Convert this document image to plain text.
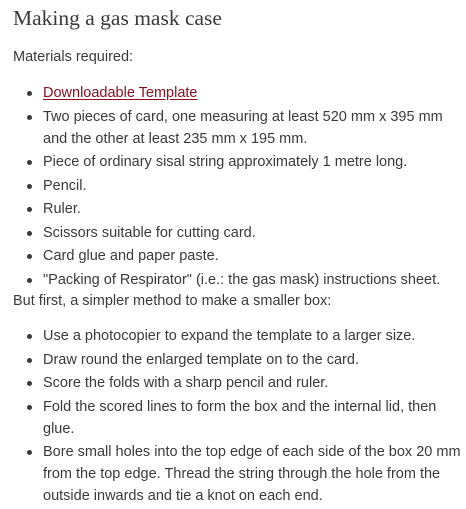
Making a gas mask case

Materials required:

Downloadable Template
Two pieces of card, one measuring at least 520 mm x 395 mm and the other at least 235 mm x 195 mm.
Piece of ordinary sisal string approximately 1 metre long.
Pencil.
Ruler.
Scissors suitable for cutting card.
Card glue and paper paste.
"Packing of Respirator" (i.e.: the gas mask) instructions sheet.

But first, a simpler method to make a smaller box:

Use a photocopier to expand the template to a larger size.
Draw round the enlarged template on to the card.
Score the folds with a sharp pencil and ruler.
Fold the scored lines to form the box and the internal lid, then glue.
Bore small holes into the top edge of each side of the box 20 mm from the top edge. Thread the string through the hole from the outside inwards and tie a knot on each end.
